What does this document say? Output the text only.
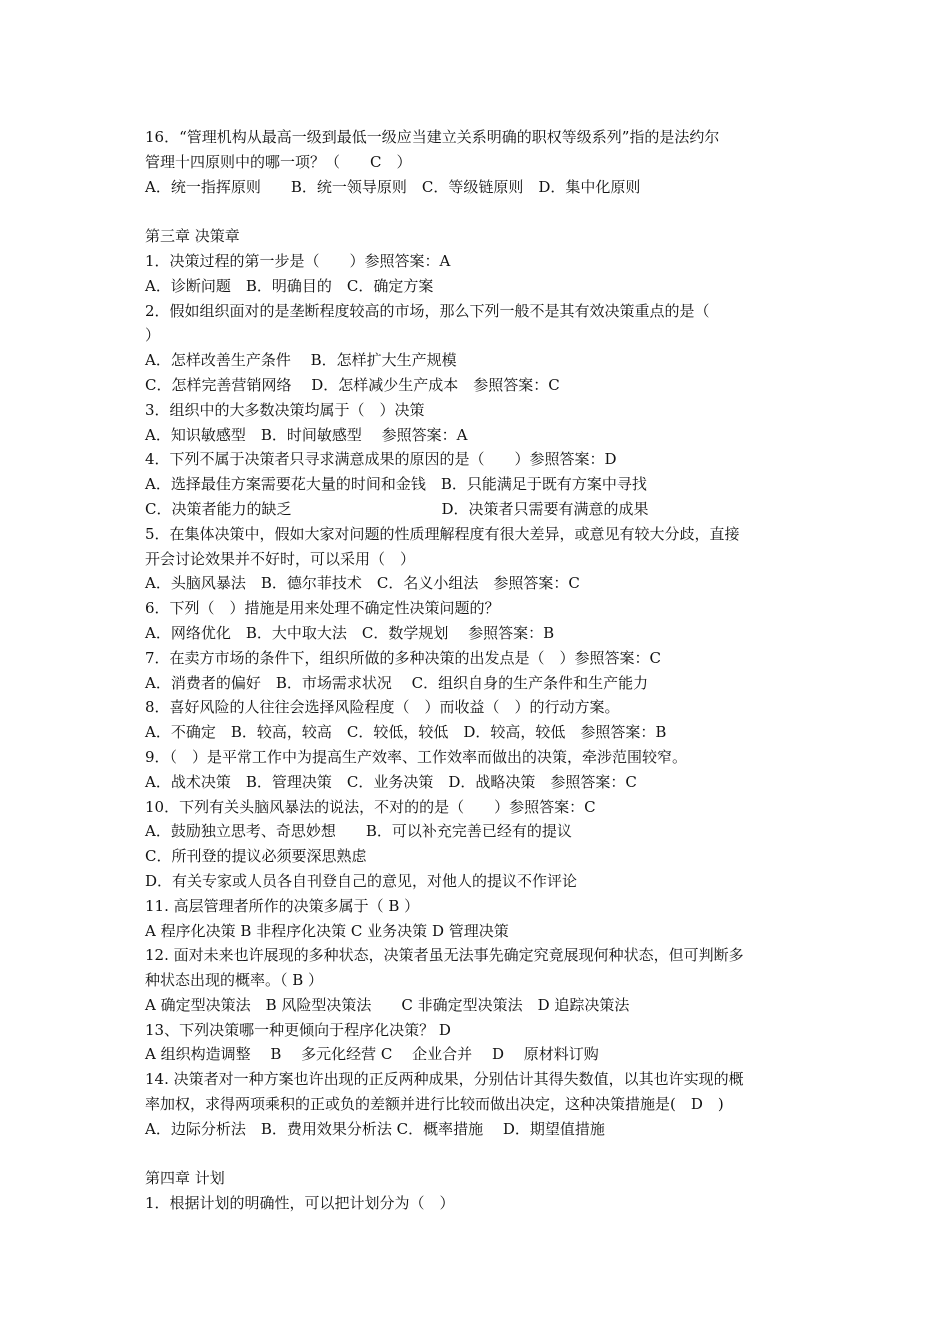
16．“管理机构从最高一级到最低一级应当建立关系明确的职权等级系列”指的是法约尔
管理十四原则中的哪一项？（　　C　）
A．统一指挥原则　　B．统一领导原则　C．等级链原则　D．集中化原则
第三章 决策章
1．决策过程的第一步是（　　）参照答案：A
A．诊断问题　B．明确目的　C．确定方案
2．假如组织面对的是垄断程度较高的市场，那么下列一般不是其有效决策重点的是（
）
A．怎样改善生产条件　 B．怎样扩大生产规模
C．怎样完善营销网络　 D．怎样减少生产成本　参照答案：C
3．组织中的大多数决策均属于（　）决策
A．知识敏感型　B．时间敏感型　 参照答案：A
4．下列不属于决策者只寻求满意成果的原因的是（　　）参照答案：D
A．选择最佳方案需要花大量的时间和金钱　B．只能满足于既有方案中寻找
C．决策者能力的缺乏　　　　　　　　　　D．决策者只需要有满意的成果
5．在集体决策中，假如大家对问题的性质理解程度有很大差异，或意见有较大分歧，直接
开会讨论效果并不好时，可以采用（　）
A．头脑风暴法　B．德尔菲技术　C．名义小组法　参照答案：C
6．下列（　）措施是用来处理不确定性决策问题的？
A．网络优化　B．大中取大法　C．数学规划　 参照答案：B
7．在卖方市场的条件下，组织所做的多种决策的出发点是（　）参照答案：C
A．消费者的偏好　B．市场需求状况　 C．组织自身的生产条件和生产能力
8．喜好风险的人往往会选择风险程度（　）而收益（　）的行动方案。
A．不确定　B．较高，较高　C．较低，较低　D．较高，较低　参照答案：B
9．（　）是平常工作中为提高生产效率、工作效率而做出的决策，牵涉范围较窄。
A．战术决策　B．管理决策　C．业务决策　D．战略决策　参照答案：C
10．下列有关头脑风暴法的说法，不对的的是（　　）参照答案：C
A．鼓励独立思考、奇思妙想　　B．可以补充完善已经有的提议
C．所刊登的提议必须要深思熟虑
D．有关专家或人员各自刊登自己的意见，对他人的提议不作评论
11. 高层管理者所作的决策多属于（ B ）
A 程序化决策 B 非程序化决策 C 业务决策 D 管理决策
12. 面对未来也许展现的多种状态，决策者虽无法事先确定究竟展现何种状态，但可判断多
种状态出现的概率。（ B ）
A 确定型决策法　B 风险型决策法　　C 非确定型决策法　D 追踪决策法
13、下列决策哪一种更倾向于程序化决策？ D
A 组织构造调整　 B　 多元化经营 C　 企业合并　 D　 原材料订购
14. 决策者对一种方案也许出现的正反两种成果，分别估计其得失数值，以其也许实现的概
率加权，求得两项乘积的正或负的差额并进行比较而做出决定，这种决策措施是(　D　)
A．边际分析法　B．费用效果分析法 C．概率措施　 D．期望值措施
第四章 计划
1．根据计划的明确性，可以把计划分为（　）
